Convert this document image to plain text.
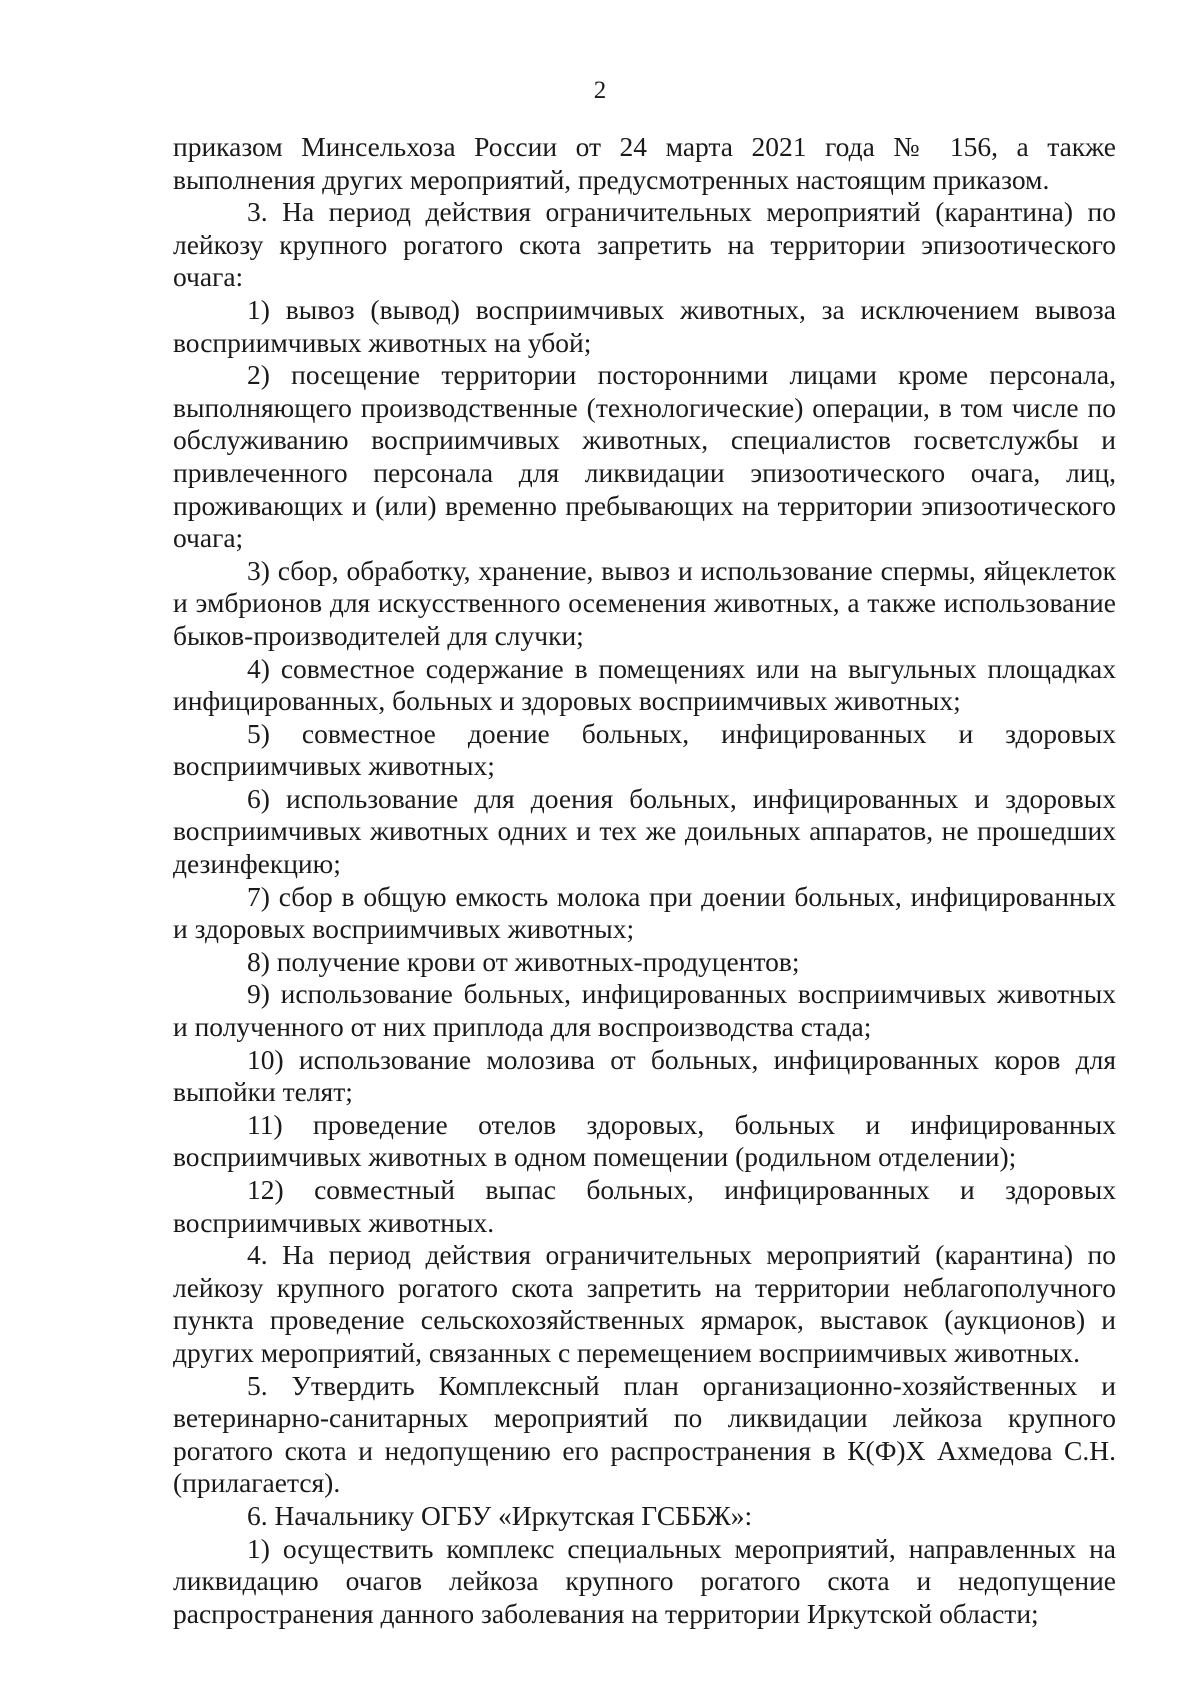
2

приказом Минсельхоза России от 24 марта 2021 года № 156, а также выполнения других мероприятий, предусмотренных настоящим приказом.

3. На период действия ограничительных мероприятий (карантина) по лейкозу крупного рогатого скота запретить на территории эпизоотического очага:

1) вывоз (вывод) восприимчивых животных, за исключением вывоза восприимчивых животных на убой;

2) посещение территории посторонними лицами кроме персонала, выполняющего производственные (технологические) операции, в том числе по обслуживанию восприимчивых животных, специалистов госветслужбы и привлеченного персонала для ликвидации эпизоотического очага, лиц, проживающих и (или) временно пребывающих на территории эпизоотического очага;

3) сбор, обработку, хранение, вывоз и использование спермы, яйцеклеток и эмбрионов для искусственного осеменения животных, а также использование быков-производителей для случки;

4) совместное содержание в помещениях или на выгульных площадках инфицированных, больных и здоровых восприимчивых животных;

5) совместное доение больных, инфицированных и здоровых восприимчивых животных;

6) использование для доения больных, инфицированных и здоровых восприимчивых животных одних и тех же доильных аппаратов, не прошедших дезинфекцию;

7) сбор в общую емкость молока при доении больных, инфицированных и здоровых восприимчивых животных;

8) получение крови от животных-продуцентов;

9) использование больных, инфицированных восприимчивых животных и полученного от них приплода для воспроизводства стада;

10) использование молозива от больных, инфицированных коров для выпойки телят;

11) проведение отелов здоровых, больных и инфицированных восприимчивых животных в одном помещении (родильном отделении);

12) совместный выпас больных, инфицированных и здоровых восприимчивых животных.

4. На период действия ограничительных мероприятий (карантина) по лейкозу крупного рогатого скота запретить на территории неблагополучного пункта проведение сельскохозяйственных ярмарок, выставок (аукционов) и других мероприятий, связанных с перемещением восприимчивых животных.

5. Утвердить Комплексный план организационно-хозяйственных и ветеринарно-санитарных мероприятий по ликвидации лейкоза крупного рогатого скота и недопущению его распространения в К(Ф)Х Ахмедова С.Н. (прилагается).

6. Начальнику ОГБУ «Иркутская ГСББЖ»:

1) осуществить комплекс специальных мероприятий, направленных на ликвидацию очагов лейкоза крупного рогатого скота и недопущение распространения данного заболевания на территории Иркутской области;
